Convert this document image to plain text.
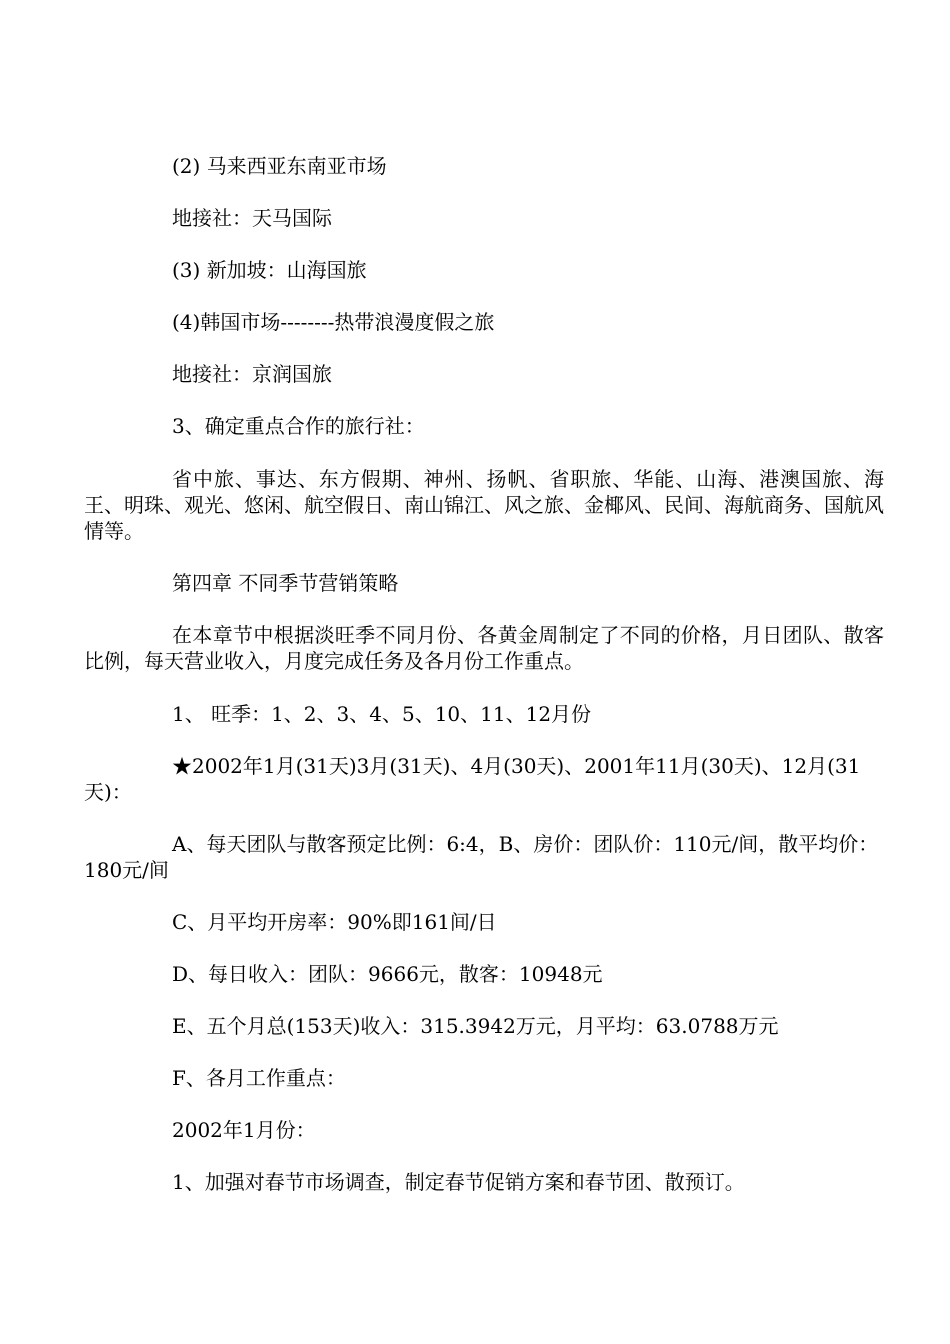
(2) 马来西亚东南亚市场

地接社：天马国际

(3) 新加坡：山海国旅

(4)韩国市场--------热带浪漫度假之旅

地接社：京润国旅

3、确定重点合作的旅行社：

省中旅、事达、东方假期、神州、扬帆、省职旅、华能、山海、港澳国旅、海王、明珠、观光、悠闲、航空假日、南山锦江、风之旅、金椰风、民间、海航商务、国航风情等。

第四章 不同季节营销策略

在本章节中根据淡旺季不同月份、各黄金周制定了不同的价格，月日团队、散客比例，每天营业收入，月度完成任务及各月份工作重点。

1、 旺季：1、2、3、4、5、10、11、12月份

★2002年1月(31天)3月(31天)、4月(30天)、2001年11月(30天)、12月(31天)：

A、每天团队与散客预定比例：6:4，B、房价：团队价：110元/间，散平均价：180元/间

C、月平均开房率：90%即161间/日

D、每日收入：团队：9666元，散客：10948元

E、五个月总(153天)收入：315.3942万元，月平均：63.0788万元

F、各月工作重点：

2002年1月份：

1、加强对春节市场调查，制定春节促销方案和春节团、散预订。
